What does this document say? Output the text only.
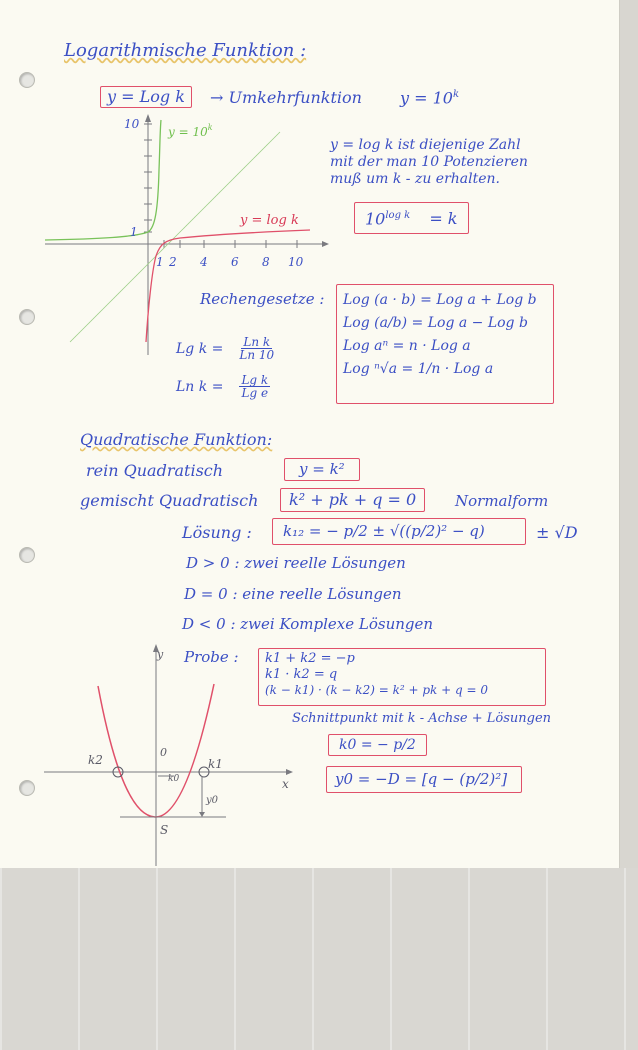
Logarithmische Funktion :
y = Log k	→ Umkehrfunktion $y = 10^k$
10
1
$y = 10^k$
y = log k
1 2 4 6 8 10
y = log k ist diejenige Zahl
mit der man 10 Potenzieren
muß um k - zu erhalten.
$10^{log k} = k$
Rechengesetze : Log (a · b) = Log a + Log b
Log (a/b) = Log a − Log b
Log aⁿ = n · Log a
Log ⁿ√a = 1/n · Log a
Lg $k = \frac{\text{Ln k}}{Ln 10}$
Ln $k = \frac{\text{Lg k}}{\text{Lg e}}$
Quadratische Funktion:
rein Quadratisch	y = k²
gemischt Quadratisch	k² + pk + q = 0	Normalform
Lösung :	k₁₂ = − p/2 ± √((p/2)² − q)	± √D
D > 0 : zwei reelle Lösungen
D = 0 : eine reelle Lösungen
D < 0 : zwei Komplexe Lösungen
Probe : k1 + k2 = −p
k1 · k2 = q
(k − k1) · (k − k2) = k² + pk + q = 0
Schnittpunkt mit k - Achse + Lösungen
k0 = − p/2
y0 = −D = [q − (p/2)²]
y
x
0
k2	k1
k0
y0
S
